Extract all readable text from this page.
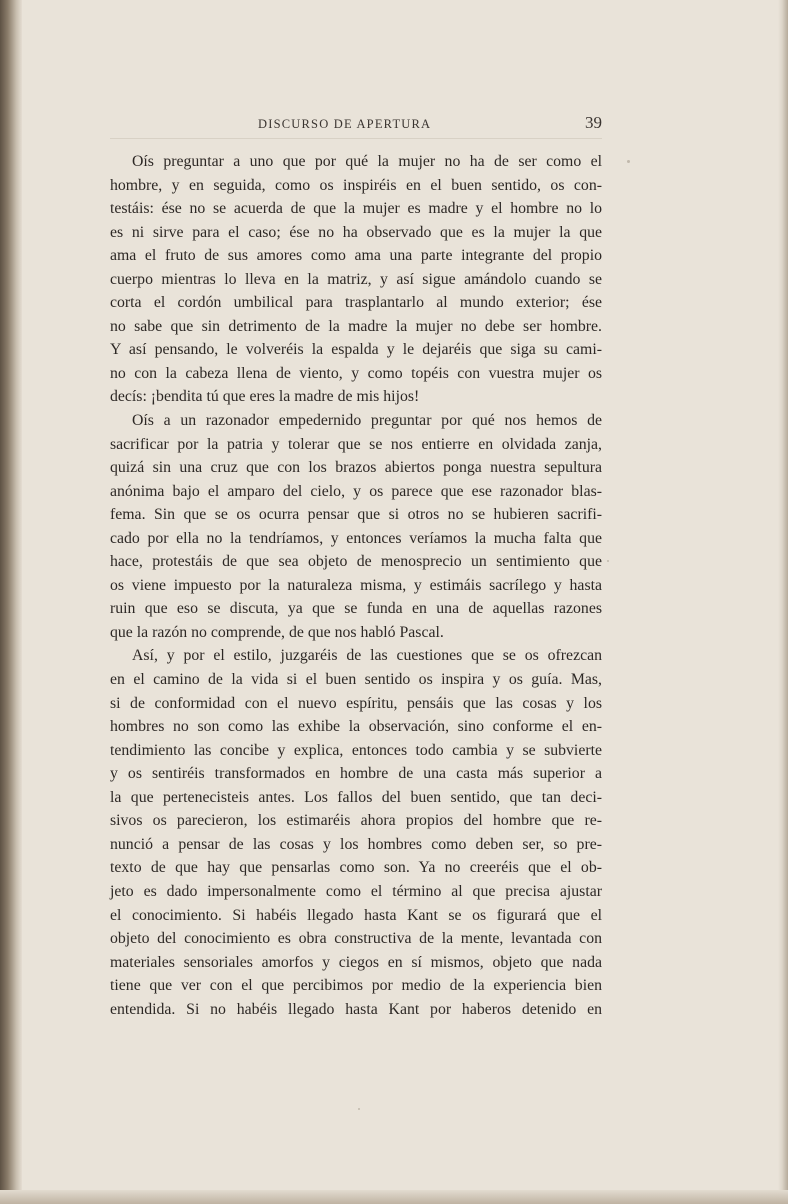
DISCURSO DE APERTURA	39
Oís preguntar a uno que por qué la mujer no ha de ser como el
hombre, y en seguida, como os inspiréis en el buen sentido, os con-
testáis: ése no se acuerda de que la mujer es madre y el hombre no lo
es ni sirve para el caso; ése no ha observado que es la mujer la que
ama el fruto de sus amores como ama una parte integrante del propio
cuerpo mientras lo lleva en la matriz, y así sigue amándolo cuando se
corta el cordón umbilical para trasplantarlo al mundo exterior; ése
no sabe que sin detrimento de la madre la mujer no debe ser hombre.
Y así pensando, le volveréis la espalda y le dejaréis que siga su cami-
no con la cabeza llena de viento, y como topéis con vuestra mujer os
decís: ¡bendita tú que eres la madre de mis hijos!
Oís a un razonador empedernido preguntar por qué nos hemos de
sacrificar por la patria y tolerar que se nos entierre en olvidada zanja,
quizá sin una cruz que con los brazos abiertos ponga nuestra sepultura
anónima bajo el amparo del cielo, y os parece que ese razonador blas-
fema. Sin que se os ocurra pensar que si otros no se hubieren sacrifi-
cado por ella no la tendríamos, y entonces veríamos la mucha falta que
hace, protestáis de que sea objeto de menosprecio un sentimiento que
os viene impuesto por la naturaleza misma, y estimáis sacrílego y hasta
ruin que eso se discuta, ya que se funda en una de aquellas razones
que la razón no comprende, de que nos habló Pascal.
Así, y por el estilo, juzgaréis de las cuestiones que se os ofrezcan
en el camino de la vida si el buen sentido os inspira y os guía. Mas,
si de conformidad con el nuevo espíritu, pensáis que las cosas y los
hombres no son como las exhibe la observación, sino conforme el en-
tendimiento las concibe y explica, entonces todo cambia y se subvierte
y os sentiréis transformados en hombre de una casta más superior a
la que pertenecisteis antes. Los fallos del buen sentido, que tan deci-
sivos os parecieron, los estimaréis ahora propios del hombre que re-
nunció a pensar de las cosas y los hombres como deben ser, so pre-
texto de que hay que pensarlas como son. Ya no creeréis que el ob-
jeto es dado impersonalmente como el término al que precisa ajustar
el conocimiento. Si habéis llegado hasta Kant se os figurará que el
objeto del conocimiento es obra constructiva de la mente, levantada con
materiales sensoriales amorfos y ciegos en sí mismos, objeto que nada
tiene que ver con el que percibimos por medio de la experiencia bien
entendida. Si no habéis llegado hasta Kant por haberos detenido en
